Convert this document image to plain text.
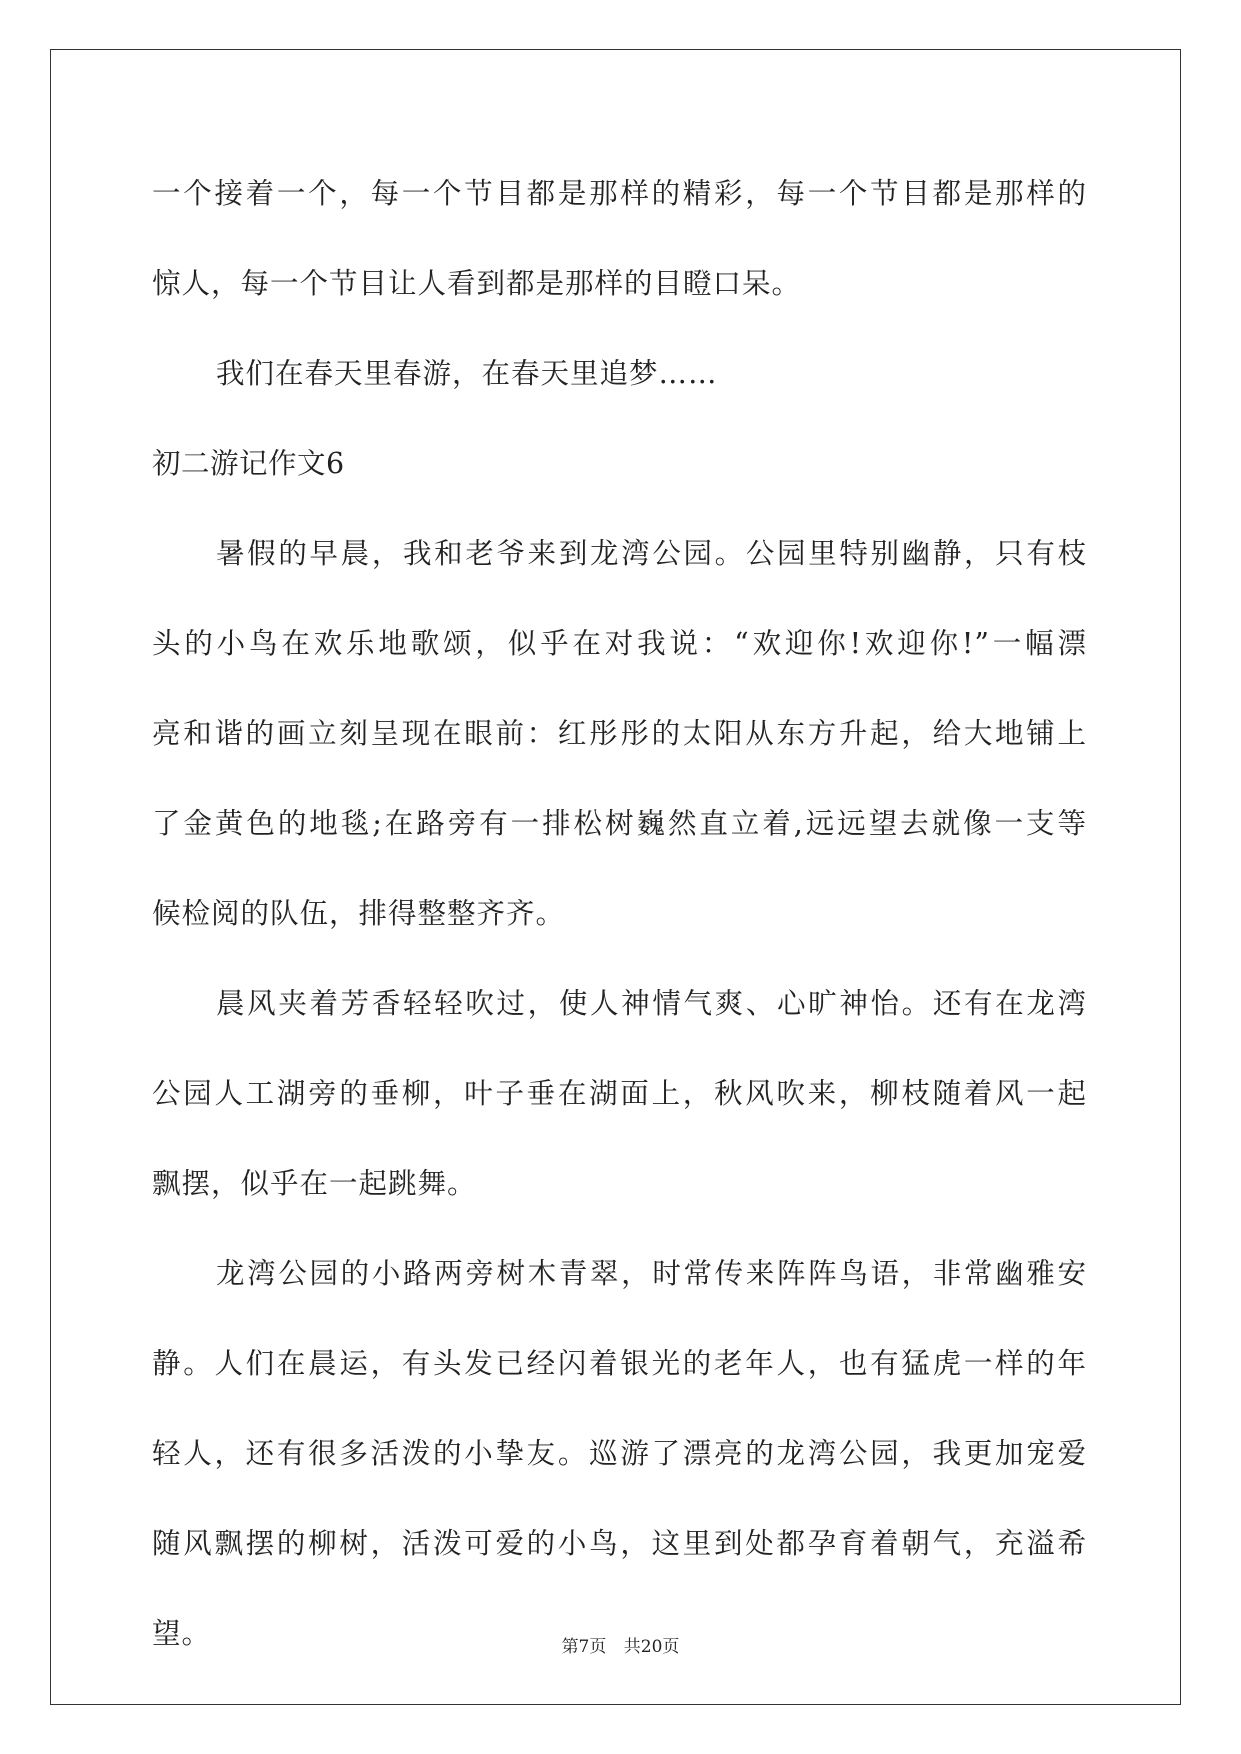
一个接着一个，每一个节目都是那样的精彩，每一个节目都是那样的
惊人，每一个节目让人看到都是那样的目瞪口呆。
我们在春天里春游，在春天里追梦……
初二游记作文6
暑假的早晨，我和老爷来到龙湾公园。公园里特别幽静，只有枝
头的小鸟在欢乐地歌颂，似乎在对我说：“欢迎你!欢迎你!”一幅漂
亮和谐的画立刻呈现在眼前：红彤彤的太阳从东方升起，给大地铺上
了金黄色的地毯;在路旁有一排松树巍然直立着,远远望去就像一支等
候检阅的队伍，排得整整齐齐。
晨风夹着芳香轻轻吹过，使人神情气爽、心旷神怡。还有在龙湾
公园人工湖旁的垂柳，叶子垂在湖面上，秋风吹来，柳枝随着风一起
飘摆，似乎在一起跳舞。
龙湾公园的小路两旁树木青翠，时常传来阵阵鸟语，非常幽雅安
静。人们在晨运，有头发已经闪着银光的老年人，也有猛虎一样的年
轻人，还有很多活泼的小挚友。巡游了漂亮的龙湾公园，我更加宠爱
随风飘摆的柳树，活泼可爱的小鸟，这里到处都孕育着朝气，充溢希
望。	第7页 共20页
